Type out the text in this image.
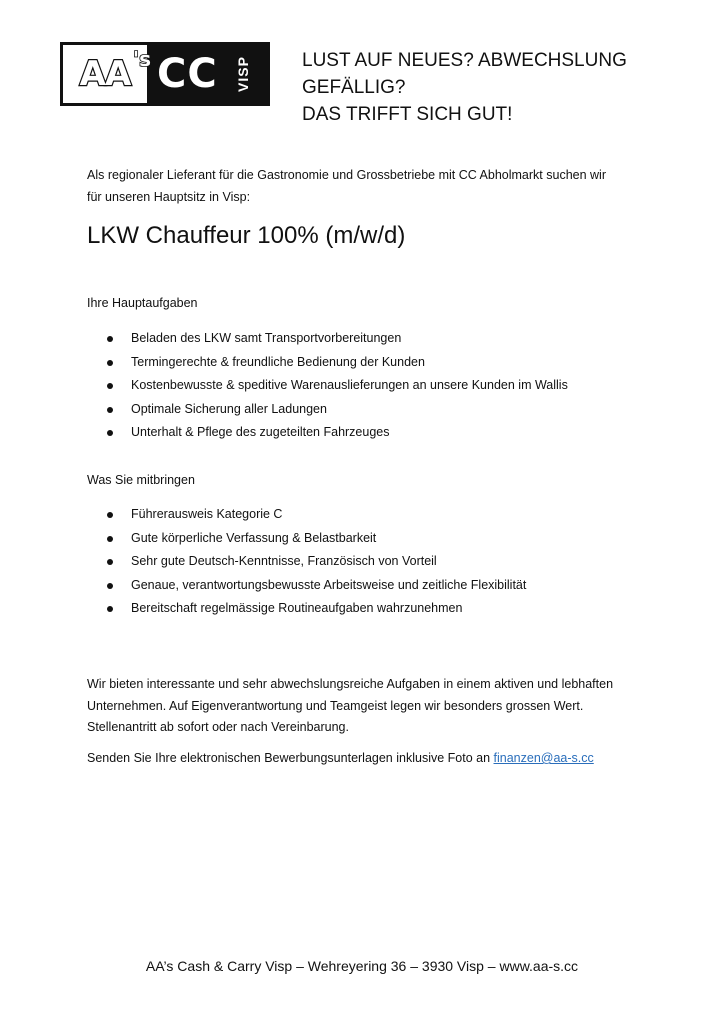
AA 's CC VISP	LUST AUF NEUES? ABWECHSLUNG
GEFÄLLIG?
DAS TRIFFT SICH GUT!

Als regionaler Lieferant für die Gastronomie und Grossbetriebe mit CC Abholmarkt suchen wir für unseren Hauptsitz in Visp:

LKW Chauffeur 100% (m/w/d)
Ihre Hauptaufgaben
Beladen des LKW samt Transportvorbereitungen
Termingerechte & freundliche Bedienung der Kunden
Kostenbewusste & speditive Warenauslieferungen an unsere Kunden im Wallis
Optimale Sicherung aller Ladungen
Unterhalt & Pflege des zugeteilten Fahrzeuges
Was Sie mitbringen
Führerausweis Kategorie C
Gute körperliche Verfassung & Belastbarkeit
Sehr gute Deutsch-Kenntnisse, Französisch von Vorteil
Genaue, verantwortungsbewusste Arbeitsweise und zeitliche Flexibilität
Bereitschaft regelmässige Routineaufgaben wahrzunehmen

Wir bieten interessante und sehr abwechslungsreiche Aufgaben in einem aktiven und lebhaften Unternehmen. Auf Eigenverantwortung und Teamgeist legen wir besonders grossen Wert. Stellenantritt ab sofort oder nach Vereinbarung.

Senden Sie Ihre elektronischen Bewerbungsunterlagen inklusive Foto an finanzen@aa-s.cc

AA’s Cash & Carry Visp – Wehreyering 36 – 3930 Visp – www.aa-s.cc
